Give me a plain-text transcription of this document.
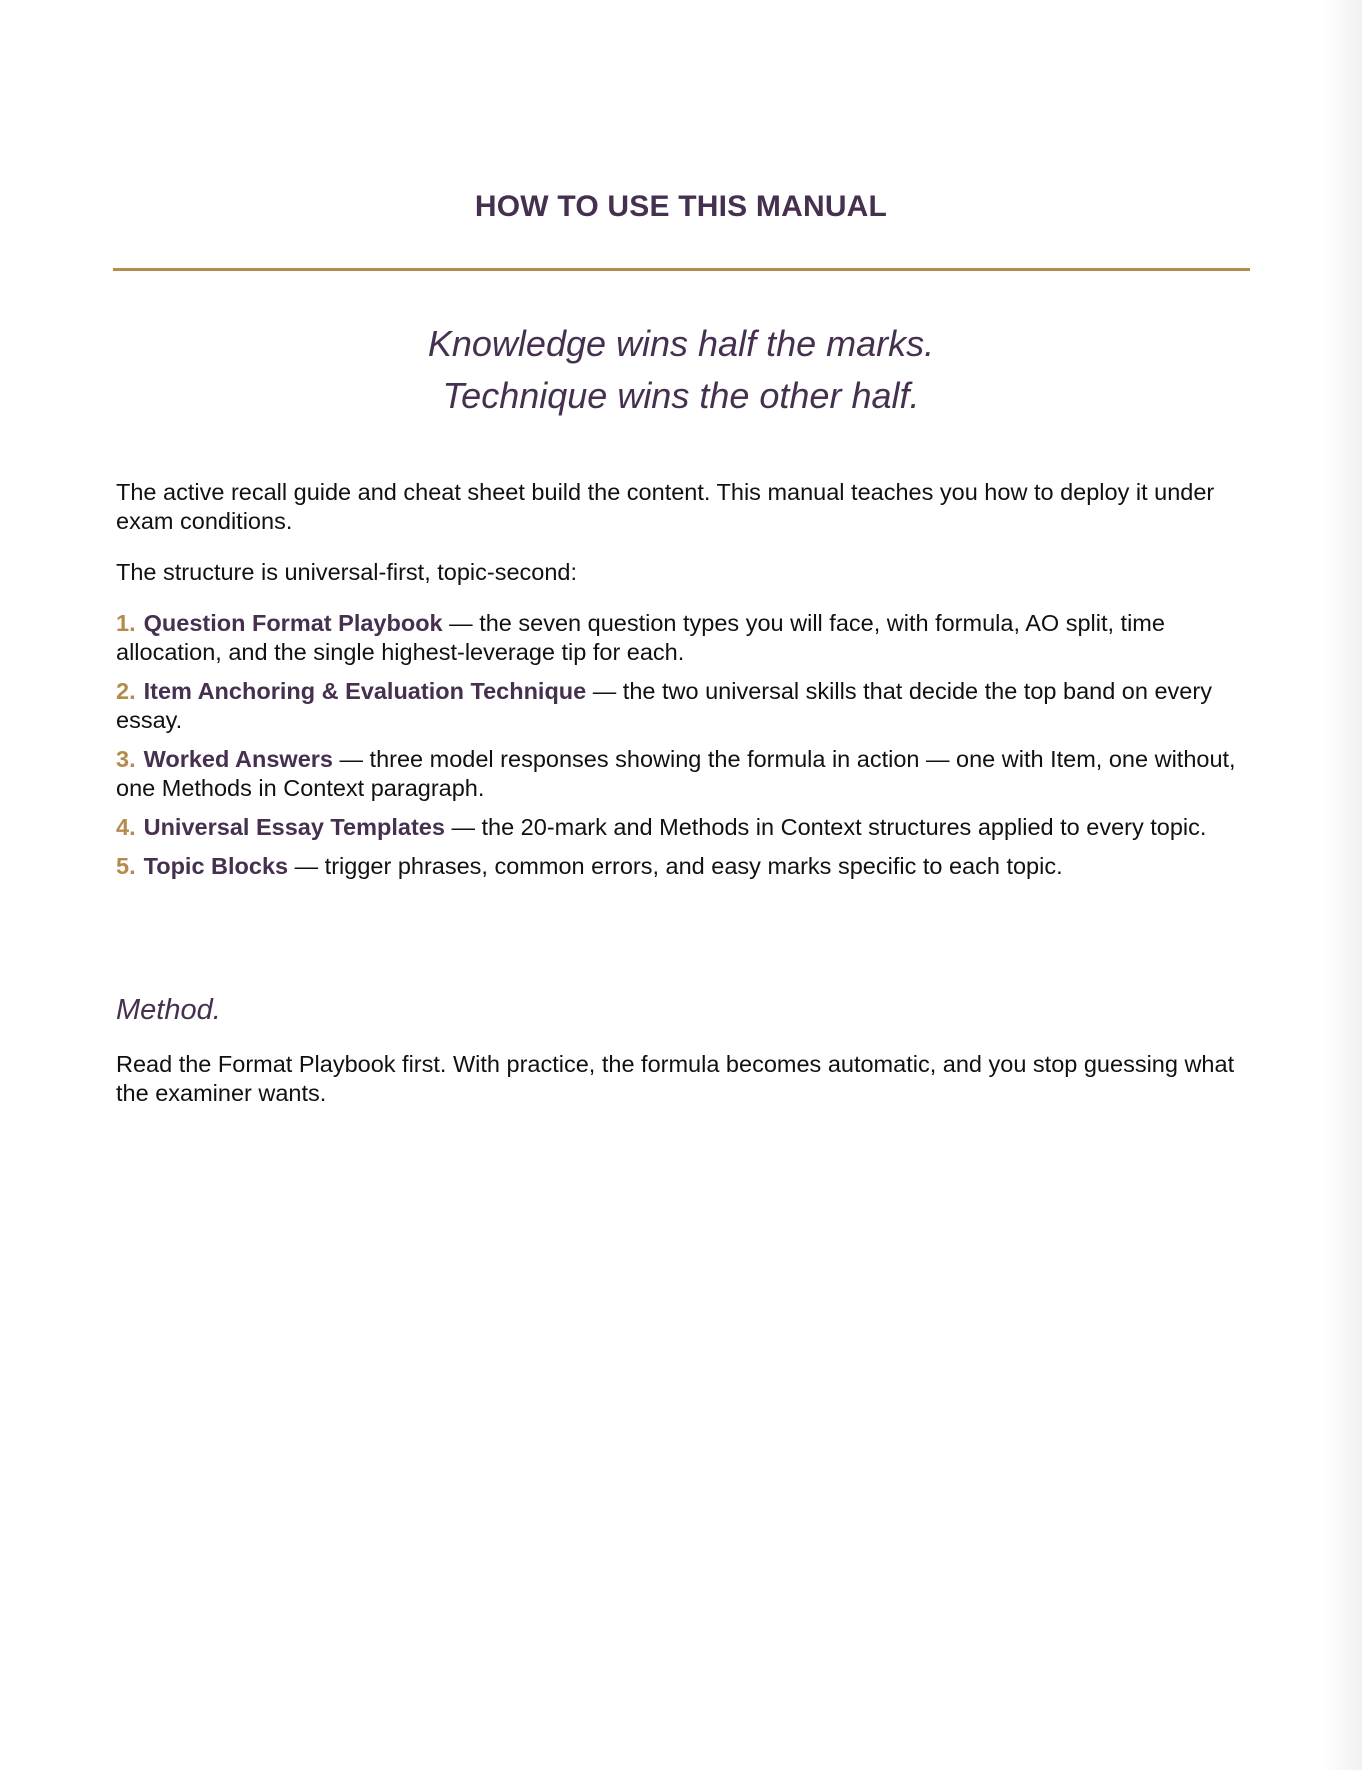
HOW TO USE THIS MANUAL
Knowledge wins half the marks.
Technique wins the other half.

The active recall guide and cheat sheet build the content. This manual teaches you how to deploy it under exam conditions.

The structure is universal-first, topic-second:

1. Question Format Playbook — the seven question types you will face, with formula, AO split, time allocation, and the single highest-leverage tip for each.
2. Item Anchoring & Evaluation Technique — the two universal skills that decide the top band on every essay.
3. Worked Answers — three model responses showing the formula in action — one with Item, one without, one Methods in Context paragraph.
4. Universal Essay Templates — the 20-mark and Methods in Context structures applied to every topic.
5. Topic Blocks — trigger phrases, common errors, and easy marks specific to each topic.
Method.

Read the Format Playbook first. With practice, the formula becomes automatic, and you stop guessing what the examiner wants.
